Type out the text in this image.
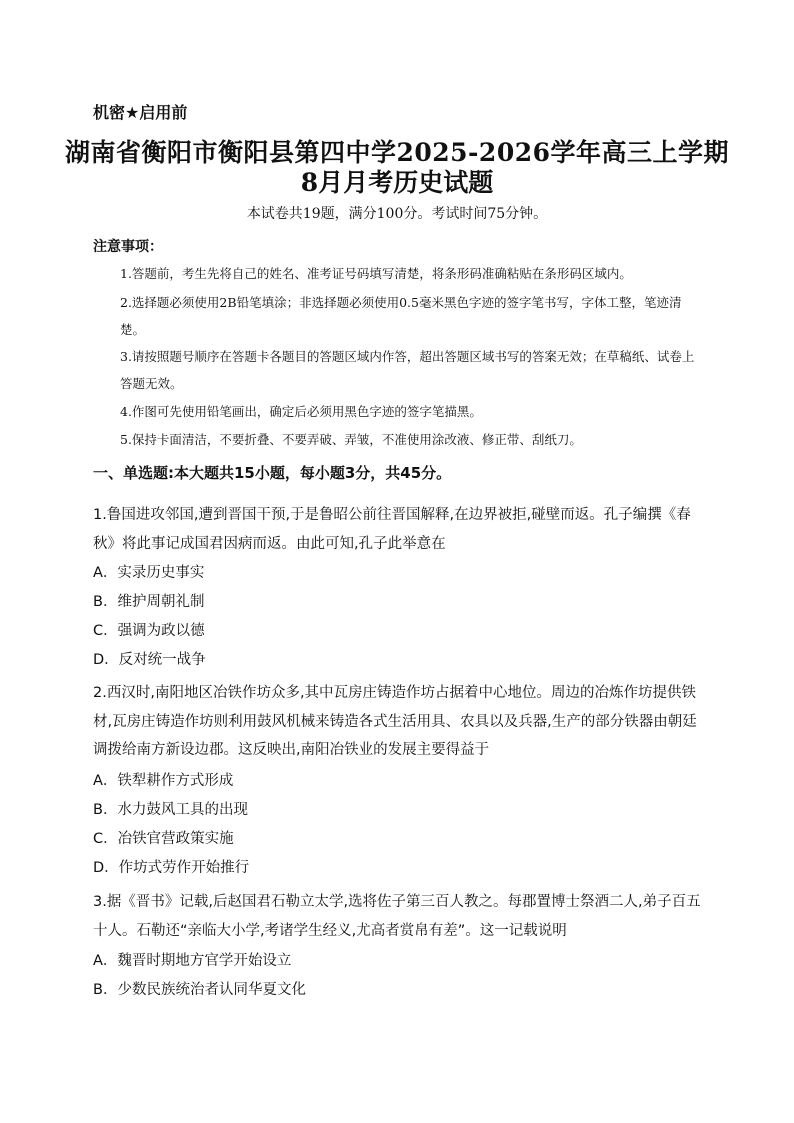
机密★启用前
湖南省衡阳市衡阳县第四中学2025-2026学年高三上学期
8月月考历史试题
本试卷共19题，满分100分。考试时间75分钟。
注意事项：
1.答题前，考生先将自己的姓名、准考证号码填写清楚，将条形码准确粘贴在条形码区域内。
2.选择题必须使用2B铅笔填涂；非选择题必须使用0.5毫米黑色字迹的签字笔书写，字体工整，笔迹清楚。
3.请按照题号顺序在答题卡各题目的答题区域内作答，超出答题区域书写的答案无效；在草稿纸、试卷上答题无效。
4.作图可先使用铅笔画出，确定后必须用黑色字迹的签字笔描黑。
5.保持卡面清洁，不要折叠、不要弄破、弄皱，不准使用涂改液、修正带、刮纸刀。
一、单选题:本大题共15小题，每小题3分，共45分。
1.鲁国进攻邻国,遭到晋国干预,于是鲁昭公前往晋国解释,在边界被拒,碰壁而返。孔子编撰《春秋》将此事记成国君因病而返。由此可知,孔子此举意在
A．实录历史事实
B．维护周朝礼制
C．强调为政以德
D．反对统一战争
2.西汉时,南阳地区冶铁作坊众多,其中瓦房庄铸造作坊占据着中心地位。周边的冶炼作坊提供铁材,瓦房庄铸造作坊则利用鼓风机械来铸造各式生活用具、农具以及兵器,生产的部分铁器由朝廷调拨给南方新设边郡。这反映出,南阳冶铁业的发展主要得益于
A．铁犁耕作方式形成
B．水力鼓风工具的出现
C．冶铁官营政策实施
D．作坊式劳作开始推行
3.据《晋书》记载,后赵国君石勒立太学,选将佐子第三百人教之。每郡置博士祭酒二人,弟子百五十人。石勒还“亲临大小学,考诸学生经义,尤高者赏帛有差”。这一记载说明
A．魏晋时期地方官学开始设立
B．少数民族统治者认同华夏文化
